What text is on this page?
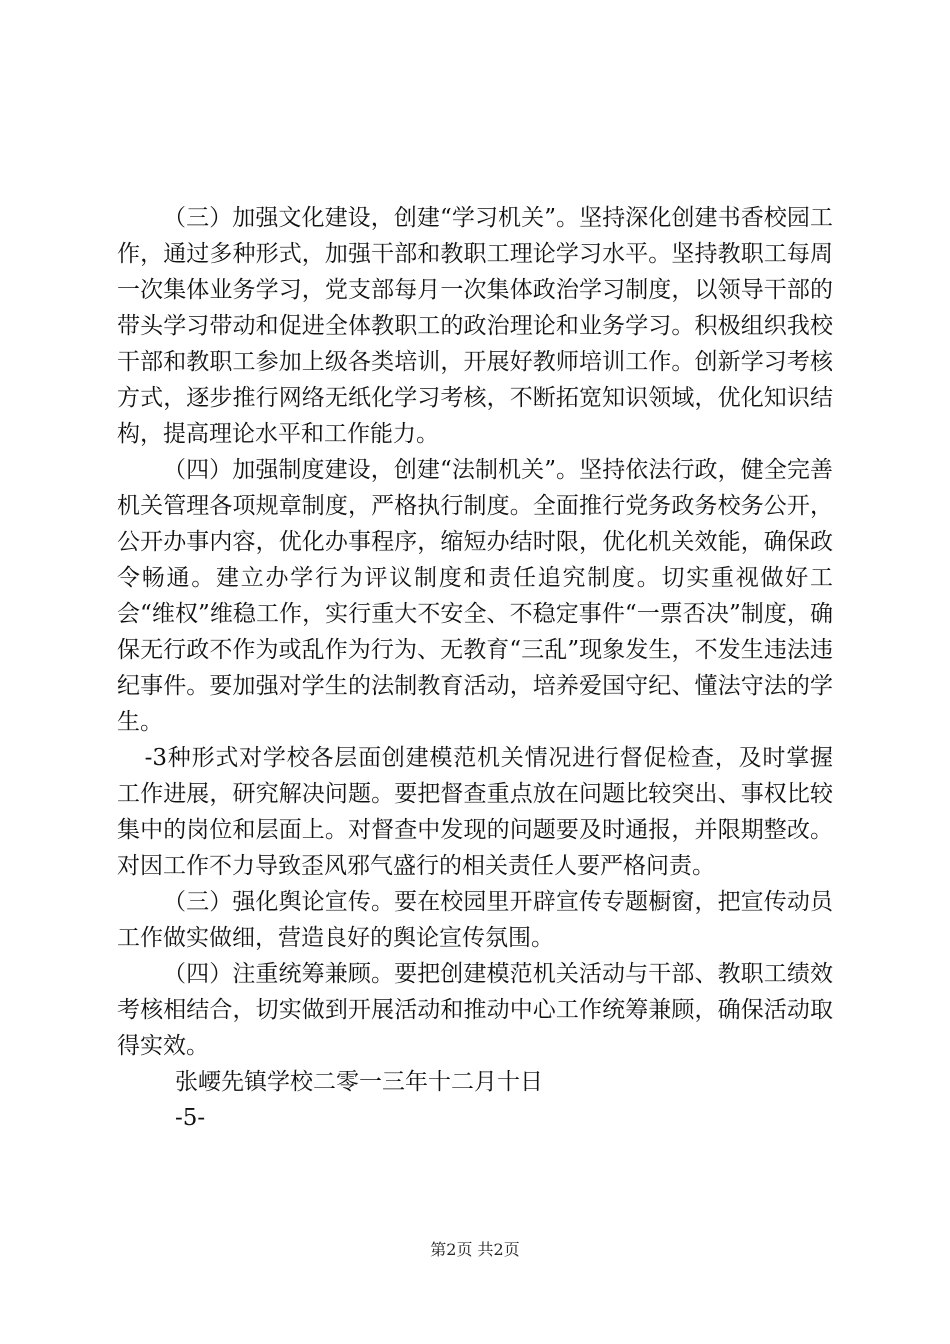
（三）加强文化建设，创建“学习机关”。坚持深化创建书香校园工作，通过多种形式，加强干部和教职工理论学习水平。坚持教职工每周一次集体业务学习，党支部每月一次集体政治学习制度，以领导干部的带头学习带动和促进全体教职工的政治理论和业务学习。积极组织我校干部和教职工参加上级各类培训，开展好教师培训工作。创新学习考核方式，逐步推行网络无纸化学习考核，不断拓宽知识领域，优化知识结构，提高理论水平和工作能力。

（四）加强制度建设，创建“法制机关”。坚持依法行政，健全完善机关管理各项规章制度，严格执行制度。全面推行党务政务校务公开，公开办事内容，优化办事程序，缩短办结时限，优化机关效能，确保政令畅通。建立办学行为评议制度和责任追究制度。切实重视做好工会“维权”维稳工作，实行重大不安全、不稳定事件“一票否决”制度，确保无行政不作为或乱作为行为、无教育“三乱”现象发生，不发生违法违纪事件。要加强对学生的法制教育活动，培养爱国守纪、懂法守法的学生。

-3种形式对学校各层面创建模范机关情况进行督促检查，及时掌握工作进展，研究解决问题。要把督查重点放在问题比较突出、事权比较集中的岗位和层面上。对督查中发现的问题要及时通报，并限期整改。对因工作不力导致歪风邪气盛行的相关责任人要严格问责。

（三）强化舆论宣传。要在校园里开辟宣传专题橱窗，把宣传动员工作做实做细，营造良好的舆论宣传氛围。

（四）注重统筹兼顾。要把创建模范机关活动与干部、教职工绩效考核相结合，切实做到开展活动和推动中心工作统筹兼顾，确保活动取得实效。

张崾先镇学校二零一三年十二月十日

-5-

第2页 共2页
